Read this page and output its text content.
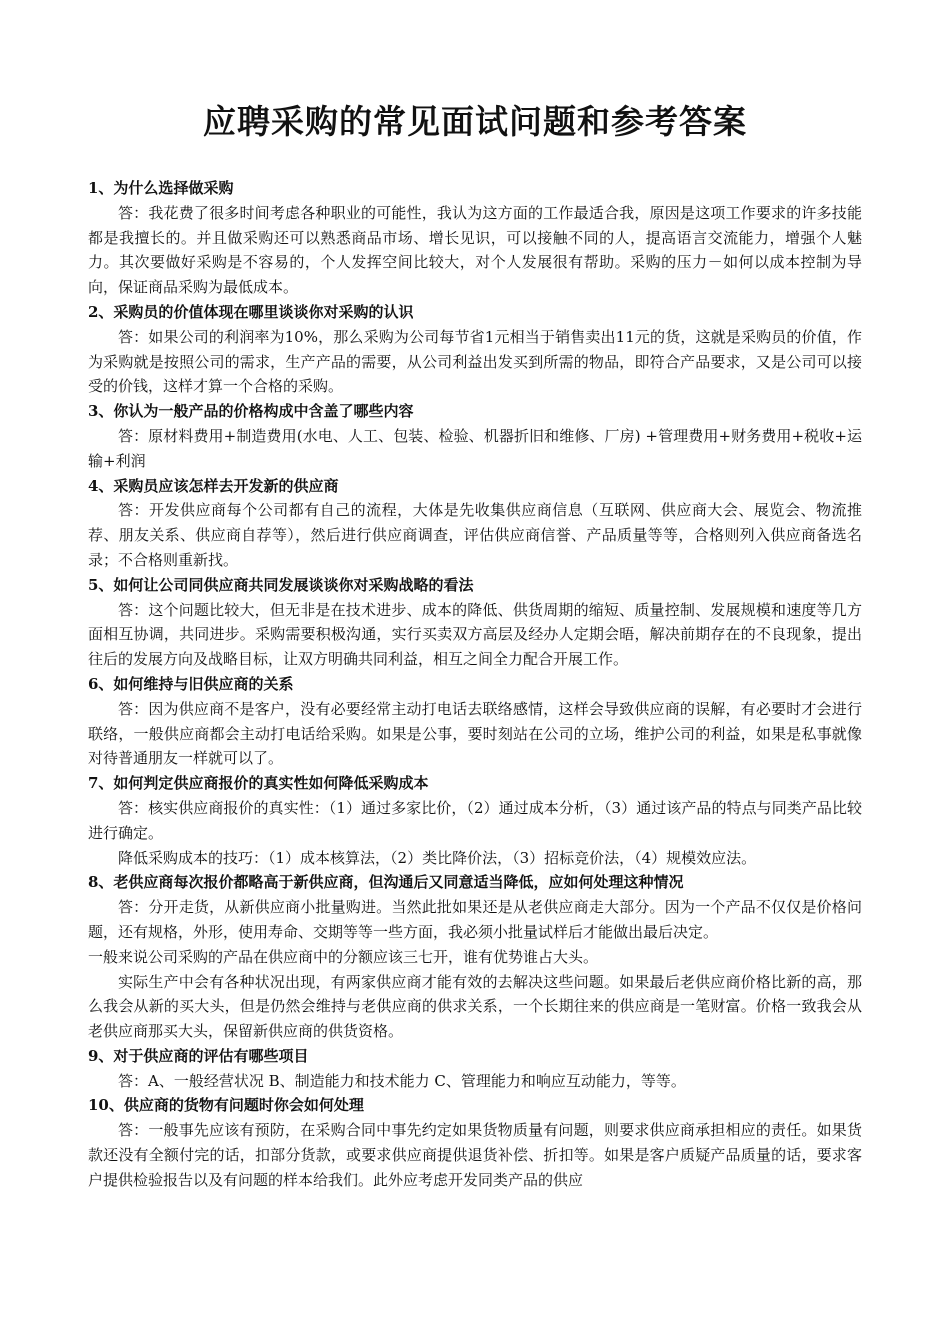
应聘采购的常见面试问题和参考答案

1、为什么选择做采购

答：我花费了很多时间考虑各种职业的可能性，我认为这方面的工作最适合我，原因是这项工作要求的许多技能都是我擅长的。并且做采购还可以熟悉商品市场、增长见识，可以接触不同的人，提高语言交流能力，增强个人魅力。其次要做好采购是不容易的，个人发挥空间比较大，对个人发展很有帮助。采购的压力－如何以成本控制为导向，保证商品采购为最低成本。

2、采购员的价值体现在哪里谈谈你对采购的认识

答：如果公司的利润率为10%，那么采购为公司每节省1元相当于销售卖出11元的货，这就是采购员的价值，作为采购就是按照公司的需求，生产产品的需要，从公司利益出发买到所需的物品，即符合产品要求，又是公司可以接受的价钱，这样才算一个合格的采购。

3、你认为一般产品的价格构成中含盖了哪些内容

答：原材料费用+制造费用(水电、人工、包装、检验、机器折旧和维修、厂房) +管理费用+财务费用+税收+运输+利润

4、采购员应该怎样去开发新的供应商

答：开发供应商每个公司都有自己的流程，大体是先收集供应商信息（互联网、供应商大会、展览会、物流推荐、朋友关系、供应商自荐等），然后进行供应商调查，评估供应商信誉、产品质量等等，合格则列入供应商备选名录；不合格则重新找。

5、如何让公司同供应商共同发展谈谈你对采购战略的看法

答：这个问题比较大，但无非是在技术进步、成本的降低、供货周期的缩短、质量控制、发展规模和速度等几方面相互协调，共同进步。采购需要积极沟通，实行买卖双方高层及经办人定期会晤，解决前期存在的不良现象，提出往后的发展方向及战略目标，让双方明确共同利益，相互之间全力配合开展工作。

6、如何维持与旧供应商的关系

答：因为供应商不是客户，没有必要经常主动打电话去联络感情，这样会导致供应商的误解，有必要时才会进行联络，一般供应商都会主动打电话给采购。如果是公事，要时刻站在公司的立场，维护公司的利益，如果是私事就像对待普通朋友一样就可以了。

7、如何判定供应商报价的真实性如何降低采购成本

答：核实供应商报价的真实性：（1）通过多家比价，（2）通过成本分析，（3）通过该产品的特点与同类产品比较进行确定。

降低采购成本的技巧：（1）成本核算法，（2）类比降价法，（3）招标竞价法，（4）规模效应法。

8、老供应商每次报价都略高于新供应商，但沟通后又同意适当降低，应如何处理这种情况

答：分开走货，从新供应商小批量购进。当然此批如果还是从老供应商走大部分。因为一个产品不仅仅是价格问题，还有规格，外形，使用寿命、交期等等一些方面，我必须小批量试样后才能做出最后决定。

一般来说公司采购的产品在供应商中的分额应该三七开，谁有优势谁占大头。

实际生产中会有各种状况出现，有两家供应商才能有效的去解决这些问题。如果最后老供应商价格比新的高，那么我会从新的买大头，但是仍然会维持与老供应商的供求关系，一个长期往来的供应商是一笔财富。价格一致我会从老供应商那买大头，保留新供应商的供货资格。

9、对于供应商的评估有哪些项目

答：A、一般经营状况 B、制造能力和技术能力 C、管理能力和响应互动能力，等等。

10、供应商的货物有问题时你会如何处理

答：一般事先应该有预防，在采购合同中事先约定如果货物质量有问题，则要求供应商承担相应的责任。如果货款还没有全额付完的话，扣部分货款，或要求供应商提供退货补偿、折扣等。如果是客户质疑产品质量的话，要求客户提供检验报告以及有问题的样本给我们。此外应考虑开发同类产品的供应
